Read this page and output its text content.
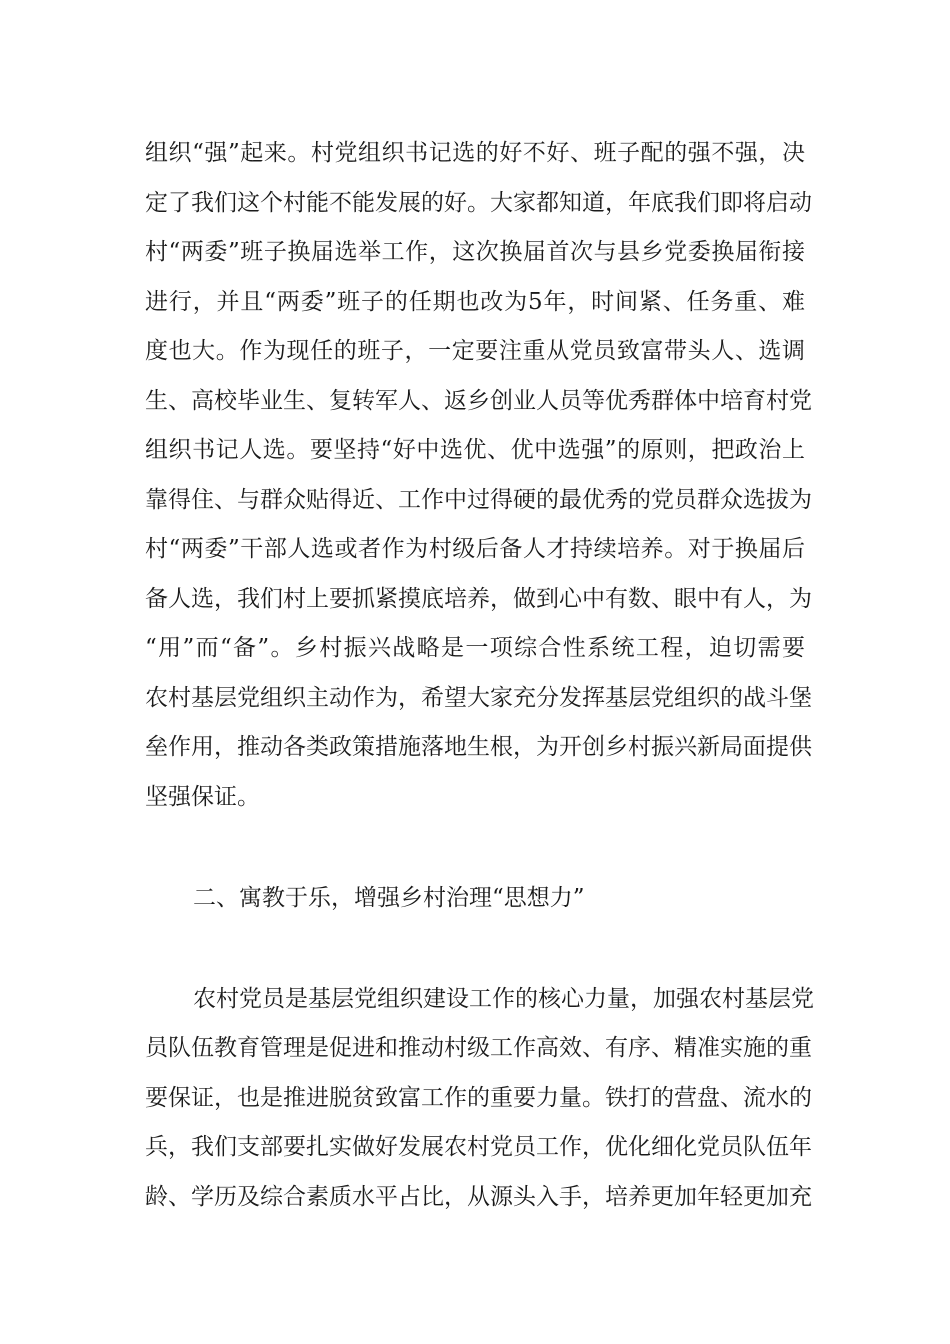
组织“强”起来。村党组织书记选的好不好、班子配的强不强，决
定了我们这个村能不能发展的好。大家都知道，年底我们即将启动
村“两委”班子换届选举工作，这次换届首次与县乡党委换届衔接
进行，并且“两委”班子的任期也改为5年，时间紧、任务重、难
度也大。作为现任的班子，一定要注重从党员致富带头人、选调
生、高校毕业生、复转军人、返乡创业人员等优秀群体中培育村党
组织书记人选。要坚持“好中选优、优中选强”的原则，把政治上
靠得住、与群众贴得近、工作中过得硬的最优秀的党员群众选拔为
村“两委”干部人选或者作为村级后备人才持续培养。对于换届后
备人选，我们村上要抓紧摸底培养，做到心中有数、眼中有人，为
“用”而“备”。乡村振兴战略是一项综合性系统工程，迫切需要
农村基层党组织主动作为，希望大家充分发挥基层党组织的战斗堡
垒作用，推动各类政策措施落地生根，为开创乡村振兴新局面提供
坚强保证。
二、寓教于乐，增强乡村治理“思想力”
农村党员是基层党组织建设工作的核心力量，加强农村基层党
员队伍教育管理是促进和推动村级工作高效、有序、精准实施的重
要保证，也是推进脱贫致富工作的重要力量。铁打的营盘、流水的
兵，我们支部要扎实做好发展农村党员工作，优化细化党员队伍年
龄、学历及综合素质水平占比，从源头入手，培养更加年轻更加充
